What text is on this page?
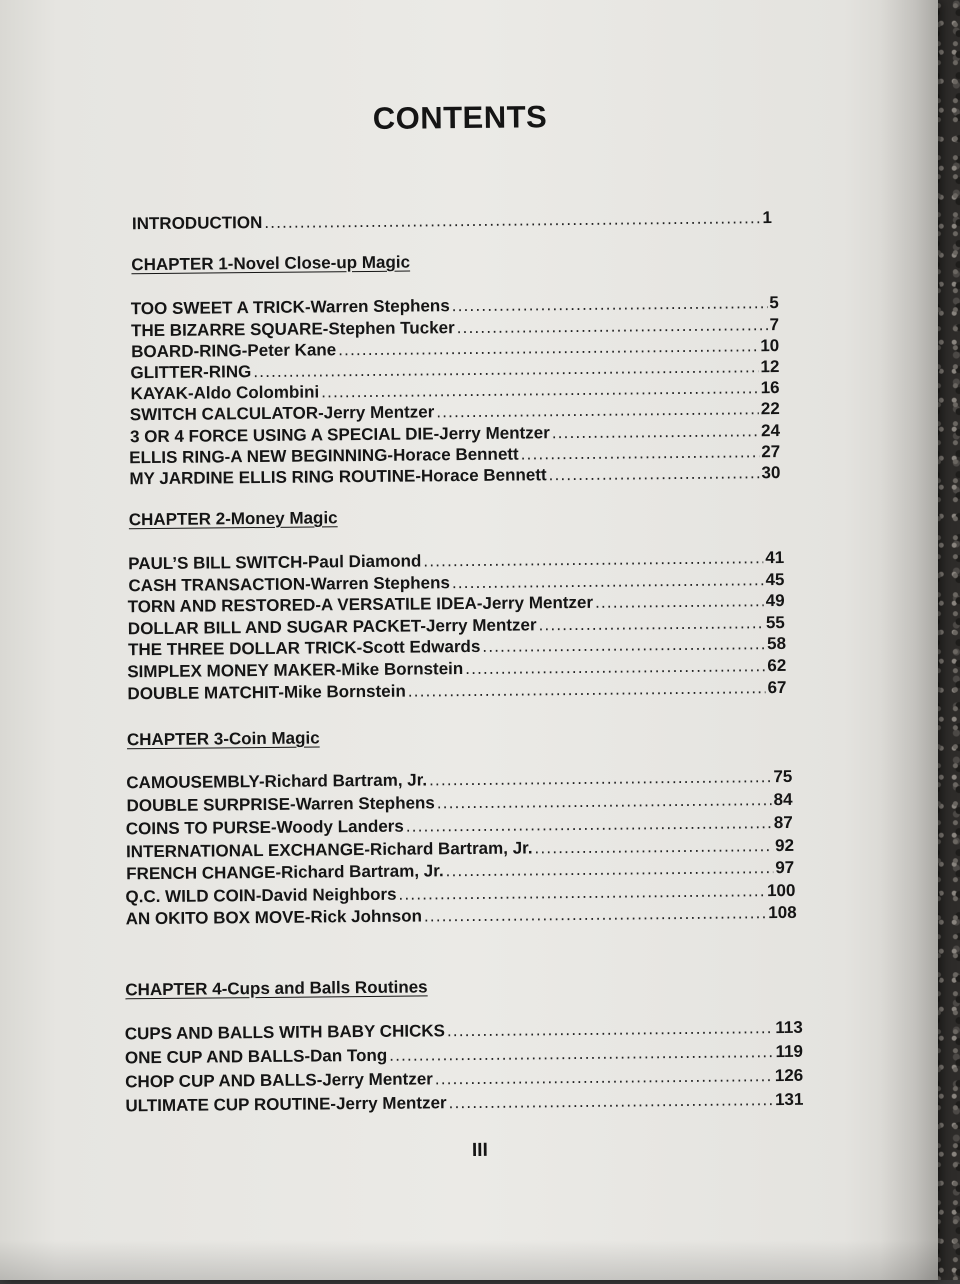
CONTENTS
INTRODUCTION .....	1
CHAPTER 1-Novel Close-up Magic
TOO SWEET A TRICK-Warren Stephens .....	5
THE BIZARRE SQUARE-Stephen Tucker .....	7
BOARD-RING-Peter Kane .....	10
GLITTER-RING .....	12
KAYAK-Aldo Colombini .....	16
SWITCH CALCULATOR-Jerry Mentzer .....	22
3 OR 4 FORCE USING A SPECIAL DIE-Jerry Mentzer .....	24
ELLIS RING-A NEW BEGINNING-Horace Bennett .....	27
MY JARDINE ELLIS RING ROUTINE-Horace Bennett .....	30
CHAPTER 2-Money Magic
PAUL’S BILL SWITCH-Paul Diamond .....	41
CASH TRANSACTION-Warren Stephens .....	45
TORN AND RESTORED-A VERSATILE IDEA-Jerry Mentzer .....	49
DOLLAR BILL AND SUGAR PACKET-Jerry Mentzer .....	55
THE THREE DOLLAR TRICK-Scott Edwards .....	58
SIMPLEX MONEY MAKER-Mike Bornstein .....	62
DOUBLE MATCHIT-Mike Bornstein .....	67
CHAPTER 3-Coin Magic
CAMOUSEMBLY-Richard Bartram, Jr. .....	75
DOUBLE SURPRISE-Warren Stephens .....	84
COINS TO PURSE-Woody Landers .....	87
INTERNATIONAL EXCHANGE-Richard Bartram, Jr. .....	92
FRENCH CHANGE-Richard Bartram, Jr. .....	97
Q.C. WILD COIN-David Neighbors .....	100
AN OKITO BOX MOVE-Rick Johnson .....	108
CHAPTER 4-Cups and Balls Routines
CUPS AND BALLS WITH BABY CHICKS .....	113
ONE CUP AND BALLS-Dan Tong .....	119
CHOP CUP AND BALLS-Jerry Mentzer .....	126
ULTIMATE CUP ROUTINE-Jerry Mentzer .....	131
III
